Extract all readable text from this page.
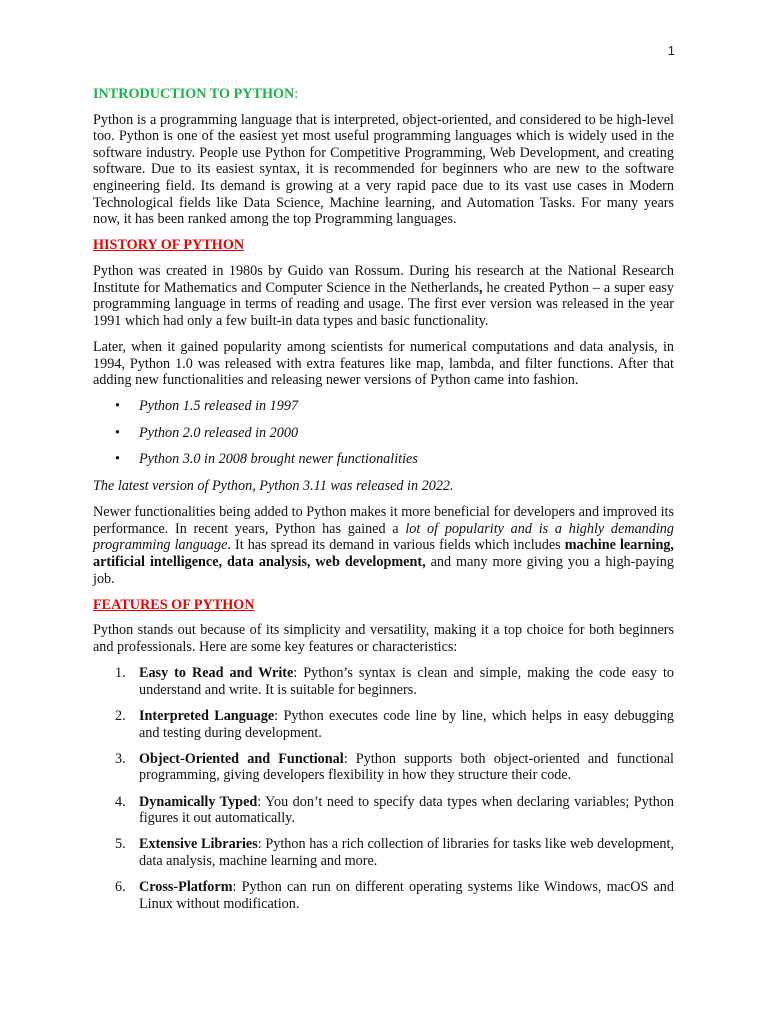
1

INTRODUCTION TO PYTHON:

Python is a programming language that is interpreted, object-oriented, and considered to be high-level too. Python is one of the easiest yet most useful programming languages which is widely used in the software industry. People use Python for Competitive Programming, Web Development, and creating software. Due to its easiest syntax, it is recommended for beginners who are new to the software engineering field. Its demand is growing at a very rapid pace due to its vast use cases in Modern Technological fields like Data Science, Machine learning, and Automation Tasks. For many years now, it has been ranked among the top Programming languages.

HISTORY OF PYTHON

Python was created in 1980s by Guido van Rossum. During his research at the National Research Institute for Mathematics and Computer Science in the Netherlands, he created Python – a super easy programming language in terms of reading and usage. The first ever version was released in the year 1991 which had only a few built-in data types and basic functionality.

Later, when it gained popularity among scientists for numerical computations and data analysis, in 1994, Python 1.0 was released with extra features like map, lambda, and filter functions. After that adding new functionalities and releasing newer versions of Python came into fashion.

• Python 1.5 released in 1997
• Python 2.0 released in 2000
• Python 3.0 in 2008 brought newer functionalities

The latest version of Python, Python 3.11 was released in 2022.

Newer functionalities being added to Python makes it more beneficial for developers and improved its performance. In recent years, Python has gained a lot of popularity and is a highly demanding programming language. It has spread its demand in various fields which includes machine learning, artificial intelligence, data analysis, web development, and many more giving you a high-paying job.

FEATURES OF PYTHON

Python stands out because of its simplicity and versatility, making it a top choice for both beginners and professionals. Here are some key features or characteristics:

1. Easy to Read and Write: Python’s syntax is clean and simple, making the code easy to understand and write. It is suitable for beginners.
2. Interpreted Language: Python executes code line by line, which helps in easy debugging and testing during development.
3. Object-Oriented and Functional: Python supports both object-oriented and functional programming, giving developers flexibility in how they structure their code.
4. Dynamically Typed: You don’t need to specify data types when declaring variables; Python figures it out automatically.
5. Extensive Libraries: Python has a rich collection of libraries for tasks like web development, data analysis, machine learning and more.
6. Cross-Platform: Python can run on different operating systems like Windows, macOS and Linux without modification.
